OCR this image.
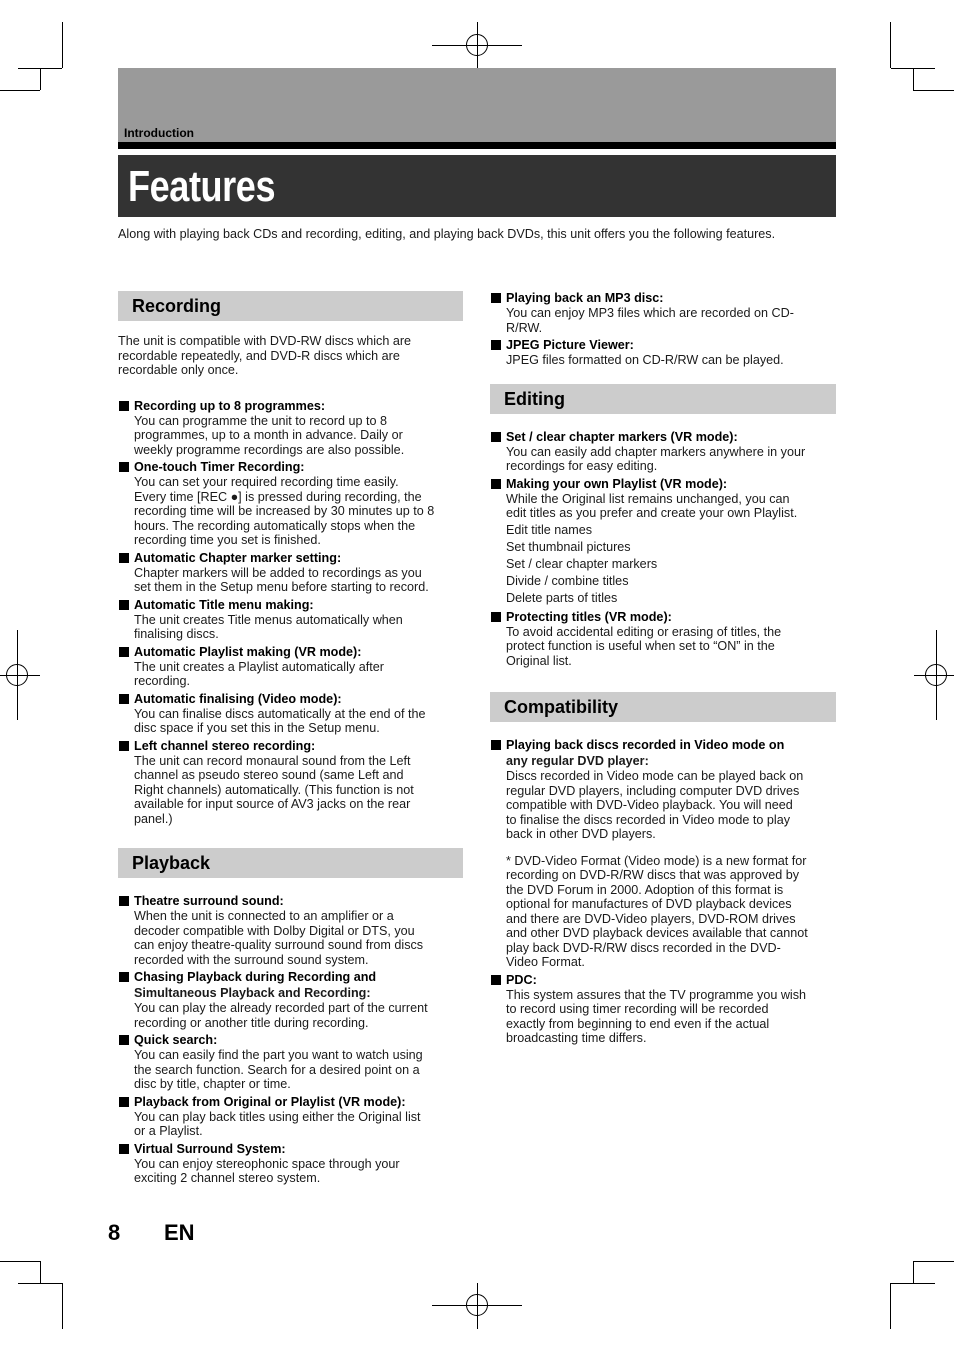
Introduction
Features
Along with playing back CDs and recording, editing, and playing back DVDs, this unit offers you the following features.
Recording
The unit is compatible with DVD-RW discs which are
recordable repeatedly, and DVD-R discs which are
recordable only once.
Recording up to 8 programmes:
You can programme the unit to record up to 8
programmes, up to a month in advance. Daily or
weekly programme recordings are also possible.
One-touch Timer Recording:
You can set your required recording time easily.
Every time [REC ●] is pressed during recording, the
recording time will be increased by 30 minutes up to 8
hours. The recording automatically stops when the
recording time you set is finished.
Automatic Chapter marker setting:
Chapter markers will be added to recordings as you
set them in the Setup menu before starting to record.
Automatic Title menu making:
The unit creates Title menus automatically when
finalising discs.
Automatic Playlist making (VR mode):
The unit creates a Playlist automatically after
recording.
Automatic finalising (Video mode):
You can finalise discs automatically at the end of the
disc space if you set this in the Setup menu.
Left channel stereo recording:
The unit can record monaural sound from the Left
channel as pseudo stereo sound (same Left and
Right channels) automatically. (This function is not
available for input source of AV3 jacks on the rear
panel.)
Playback
Theatre surround sound:
When the unit is connected to an amplifier or a
decoder compatible with Dolby Digital or DTS, you
can enjoy theatre-quality surround sound from discs
recorded with the surround sound system.
Chasing Playback during Recording and
Simultaneous Playback and Recording:
You can play the already recorded part of the current
recording or another title during recording.
Quick search:
You can easily find the part you want to watch using
the search function. Search for a desired point on a
disc by title, chapter or time.
Playback from Original or Playlist (VR mode):
You can play back titles using either the Original list
or a Playlist.
Virtual Surround System:
You can enjoy stereophonic space through your
exciting 2 channel stereo system.
Playing back an MP3 disc:
You can enjoy MP3 files which are recorded on CD-
R/RW.
JPEG Picture Viewer:
JPEG files formatted on CD-R/RW can be played.
Editing
Set / clear chapter markers (VR mode):
You can easily add chapter markers anywhere in your
recordings for easy editing.
Making your own Playlist (VR mode):
While the Original list remains unchanged, you can
edit titles as you prefer and create your own Playlist.
Edit title names
Set thumbnail pictures
Set / clear chapter markers
Divide / combine titles
Delete parts of titles
Protecting titles (VR mode):
To avoid accidental editing or erasing of titles, the
protect function is useful when set to “ON” in the
Original list.
Compatibility
Playing back discs recorded in Video mode on
any regular DVD player:
Discs recorded in Video mode can be played back on
regular DVD players, including computer DVD drives
compatible with DVD-Video playback. You will need
to finalise the discs recorded in Video mode to play
back in other DVD players.
* DVD-Video Format (Video mode) is a new format for
recording on DVD-R/RW discs that was approved by
the DVD Forum in 2000. Adoption of this format is
optional for manufactures of DVD playback devices
and there are DVD-Video players, DVD-ROM drives
and other DVD playback devices available that cannot
play back DVD-R/RW discs recorded in the DVD-
Video Format.
PDC:
This system assures that the TV programme you wish
to record using timer recording will be recorded
exactly from beginning to end even if the actual
broadcasting time differs.
8 EN
